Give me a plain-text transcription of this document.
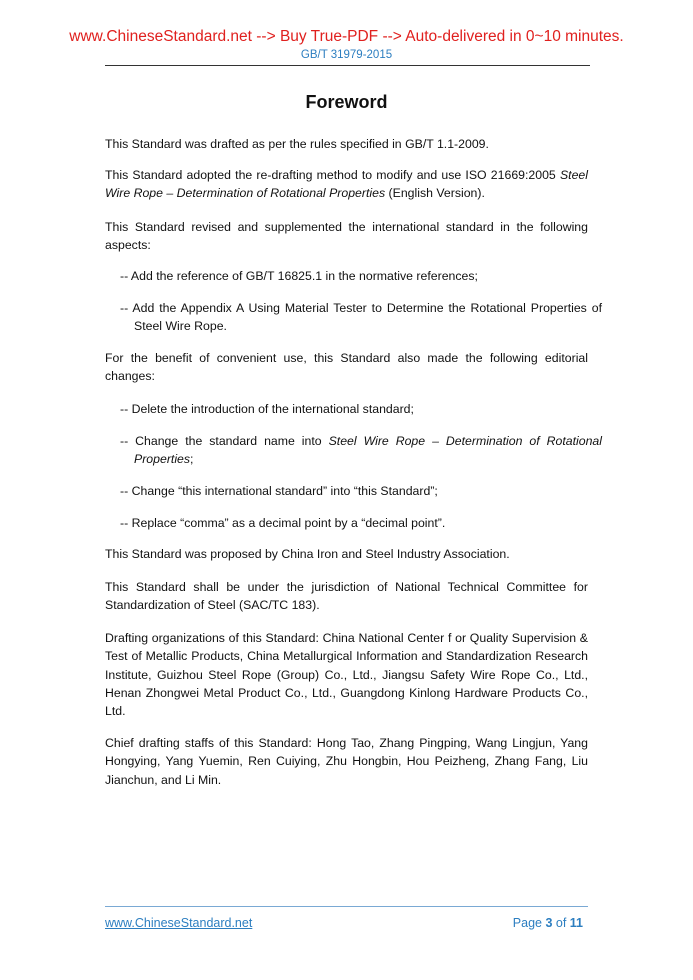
www.ChineseStandard.net --> Buy True-PDF --> Auto-delivered in 0~10 minutes.
GB/T 31979-2015
Foreword
This Standard was drafted as per the rules specified in GB/T 1.1-2009.
This Standard adopted the re-drafting method to modify and use ISO 21669:2005 Steel Wire Rope – Determination of Rotational Properties (English Version).
This Standard revised and supplemented the international standard in the following aspects:
-- Add the reference of GB/T 16825.1 in the normative references;
-- Add the Appendix A Using Material Tester to Determine the Rotational Properties of Steel Wire Rope.
For the benefit of convenient use, this Standard also made the following editorial changes:
-- Delete the introduction of the international standard;
-- Change the standard name into Steel Wire Rope – Determination of Rotational Properties;
-- Change “this international standard” into “this Standard”;
-- Replace “comma” as a decimal point by a “decimal point”.
This Standard was proposed by China Iron and Steel Industry Association.
This Standard shall be under the jurisdiction of National Technical Committee for Standardization of Steel (SAC/TC 183).
Drafting organizations of this Standard: China National Center f or Quality Supervision & Test of Metallic Products, China Metallurgical Information and Standardization Research Institute, Guizhou Steel Rope (Group) Co., Ltd., Jiangsu Safety Wire Rope Co., Ltd., Henan Zhongwei Metal Product Co., Ltd., Guangdong Kinlong Hardware Products Co., Ltd.
Chief drafting staffs of this Standard: Hong Tao, Zhang Pingping, Wang Lingjun, Yang Hongying, Yang Yuemin, Ren Cuiying, Zhu Hongbin, Hou Peizheng, Zhang Fang, Liu Jianchun, and Li Min.
www.ChineseStandard.net	Page 3 of 11
